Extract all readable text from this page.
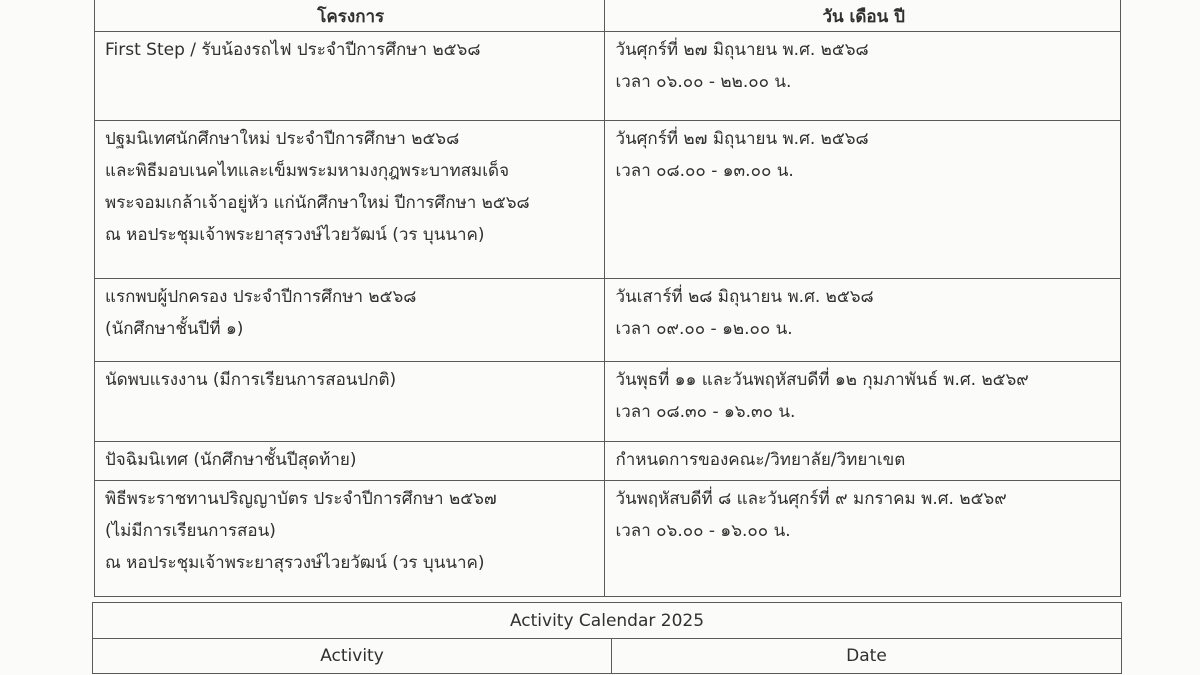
โครงการ	วัน เดือน ปี

First Step / รับน้องรถไฟ ประจำปีการศึกษา ๒๕๖๘	วันศุกร์ที่ ๒๗ มิถุนายน พ.ศ. ๒๕๖๘
เวลา ๐๖.๐๐ - ๒๒.๐๐ น.

ปฐมนิเทศนักศึกษาใหม่ ประจำปีการศึกษา ๒๕๖๘
และพิธีมอบเนคไทและเข็มพระมหามงกุฎพระบาทสมเด็จ
พระจอมเกล้าเจ้าอยู่หัว แก่นักศึกษาใหม่ ปีการศึกษา ๒๕๖๘
ณ หอประชุมเจ้าพระยาสุรวงษ์ไวยวัฒน์ (วร บุนนาค)	วันศุกร์ที่ ๒๗ มิถุนายน พ.ศ. ๒๕๖๘
เวลา ๐๘.๐๐ - ๑๓.๐๐ น.

แรกพบผู้ปกครอง ประจำปีการศึกษา ๒๕๖๘
(นักศึกษาชั้นปีที่ ๑)	วันเสาร์ที่ ๒๘ มิถุนายน พ.ศ. ๒๕๖๘
เวลา ๐๙.๐๐ - ๑๒.๐๐ น.

นัดพบแรงงาน (มีการเรียนการสอนปกติ)	วันพุธที่ ๑๑ และวันพฤหัสบดีที่ ๑๒ กุมภาพันธ์ พ.ศ. ๒๕๖๙
เวลา ๐๘.๓๐ - ๑๖.๓๐ น.

ปัจฉิมนิเทศ (นักศึกษาชั้นปีสุดท้าย)	กำหนดการของคณะ/วิทยาลัย/วิทยาเขต

พิธีพระราชทานปริญญาบัตร ประจำปีการศึกษา ๒๕๖๗
(ไม่มีการเรียนการสอน)
ณ หอประชุมเจ้าพระยาสุรวงษ์ไวยวัฒน์ (วร บุนนาค)	วันพฤหัสบดีที่ ๘ และวันศุกร์ที่ ๙ มกราคม พ.ศ. ๒๕๖๙
เวลา ๐๖.๐๐ - ๑๖.๐๐ น.
Activity Calendar 2025
Activity	Date
